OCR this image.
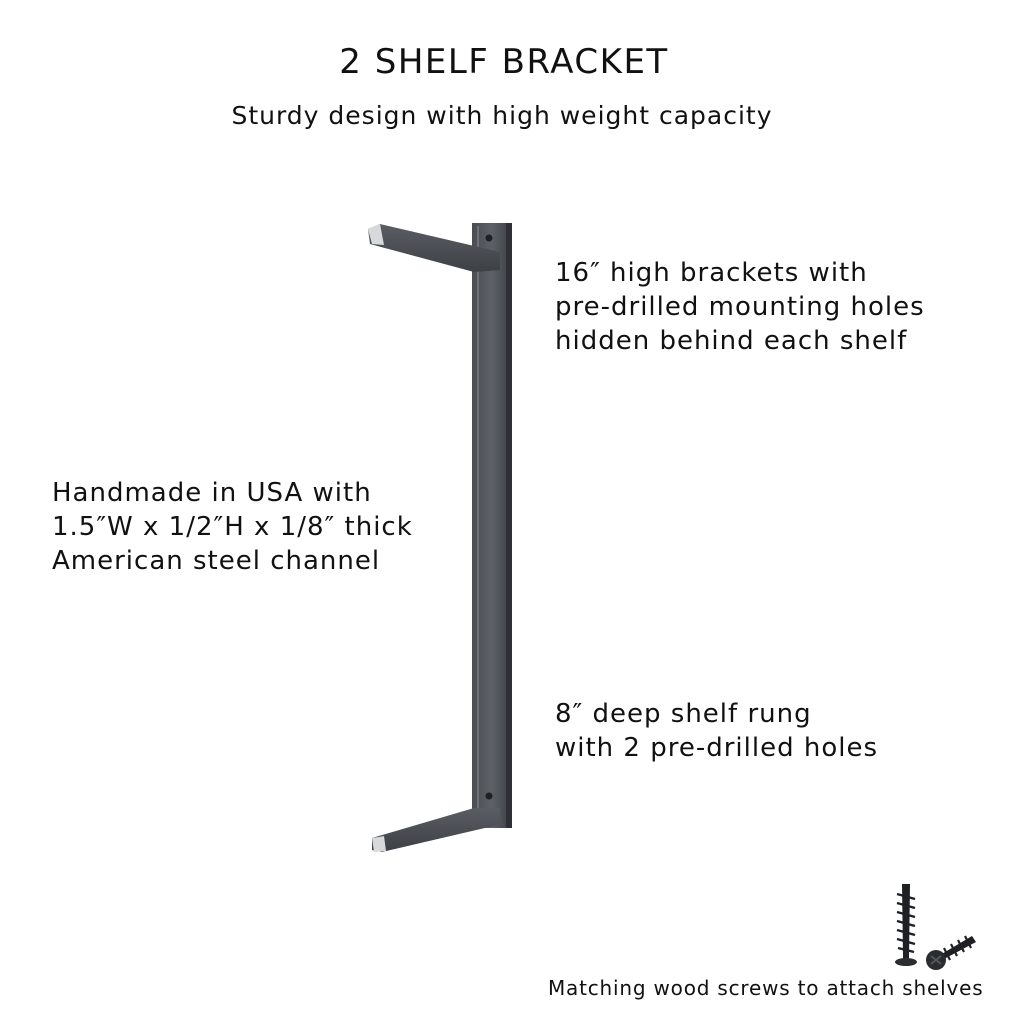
2 SHELF BRACKET
Sturdy design with high weight capacity
16″ high brackets with
pre-drilled mounting holes
hidden behind each shelf
Handmade in USA with
1.5″W x 1/2″H x 1/8″ thick
American steel channel
8″ deep shelf rung
with 2 pre-drilled holes
Matching wood screws to attach shelves
